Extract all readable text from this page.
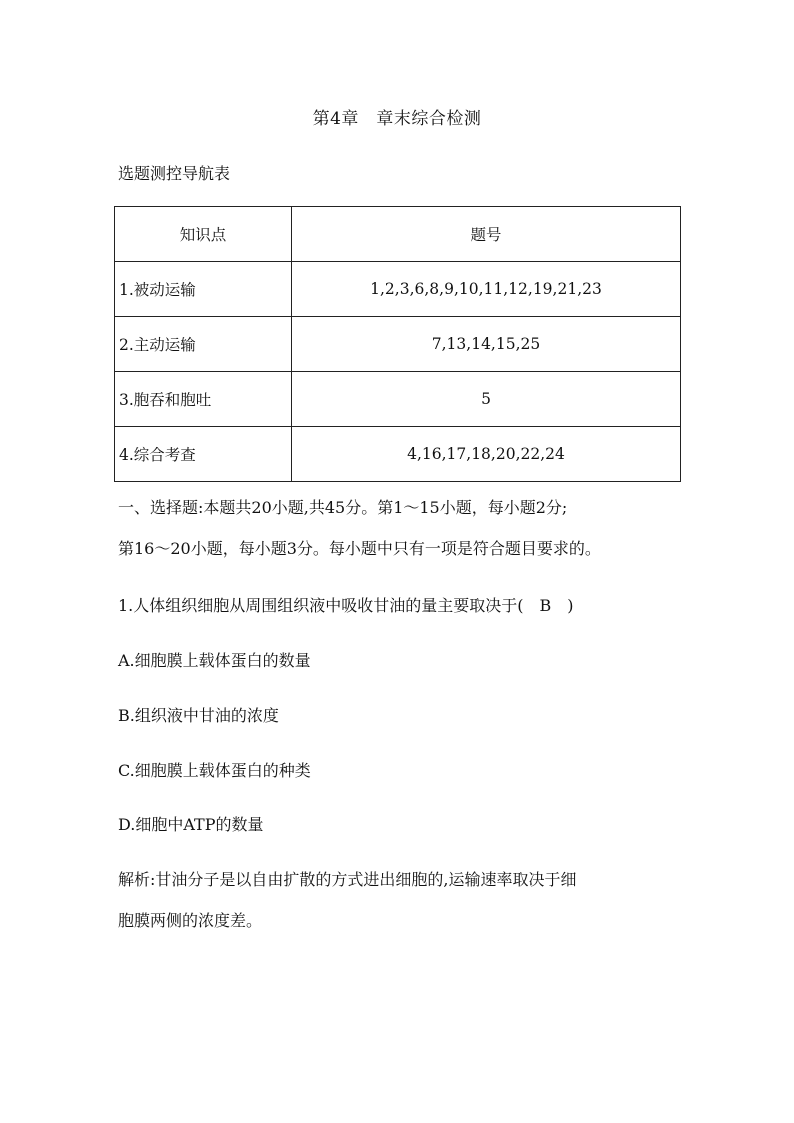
第4章　章末综合检测
选题测控导航表
知识点	题号
1.被动运输	1,2,3,6,8,9,10,11,12,19,21,23
2.主动运输	7,13,14,15,25
3.胞吞和胞吐	5
4.综合考查	4,16,17,18,20,22,24
一、选择题:本题共20小题,共45分。第1～15小题，每小题2分;
第16～20小题，每小题3分。每小题中只有一项是符合题目要求的。
1.人体组织细胞从周围组织液中吸收甘油的量主要取决于(　B　)
A.细胞膜上载体蛋白的数量
B.组织液中甘油的浓度
C.细胞膜上载体蛋白的种类
D.细胞中ATP的数量
解析:甘油分子是以自由扩散的方式进出细胞的,运输速率取决于细
胞膜两侧的浓度差。
